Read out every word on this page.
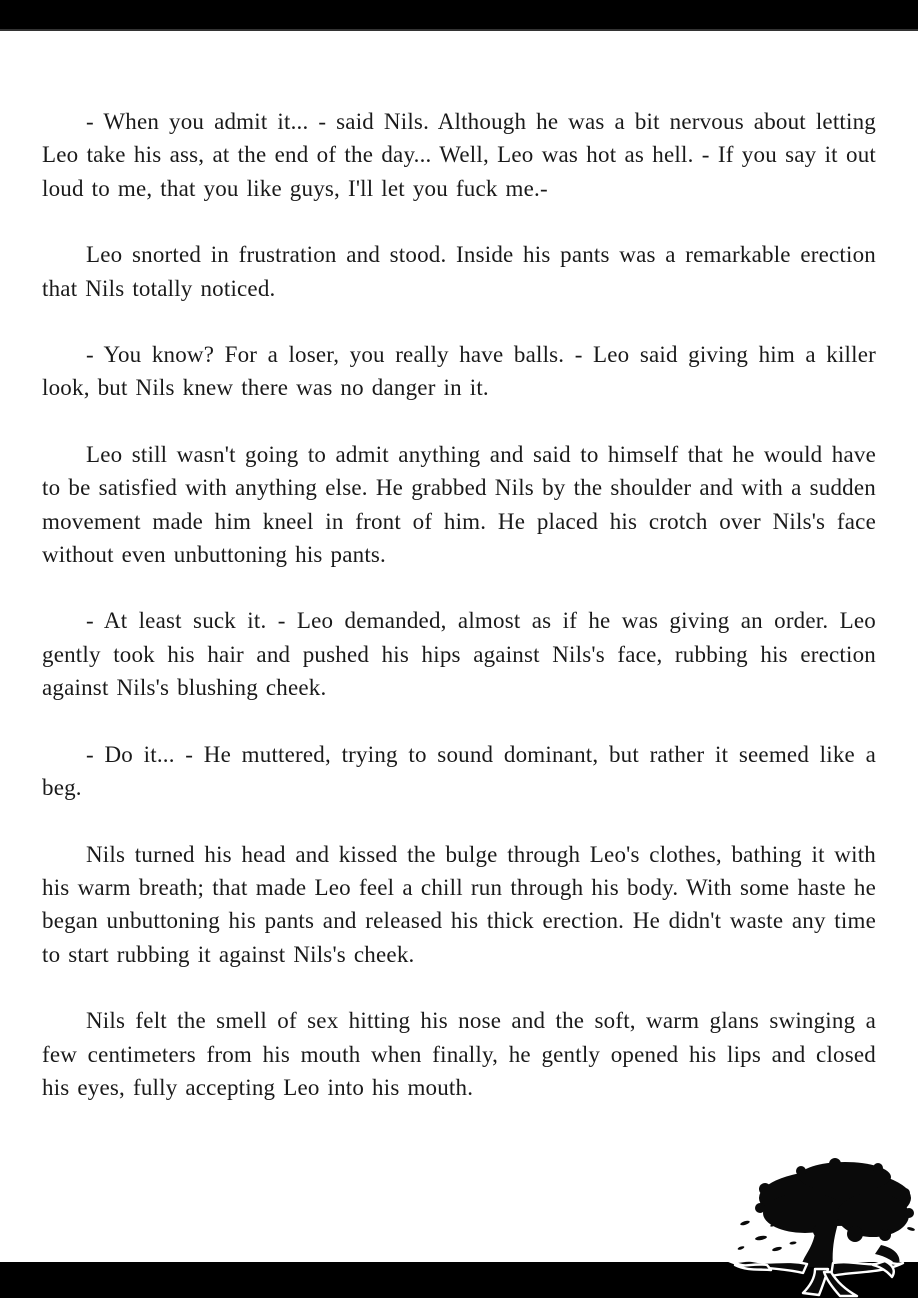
- When you admit it... - said Nils. Although he was a bit nervous about letting Leo take his ass, at the end of the day... Well, Leo was hot as hell. - If you say it out loud to me, that you like guys, I'll let you fuck me.-

Leo snorted in frustration and stood. Inside his pants was a remarkable erection that Nils totally noticed.

- You know? For a loser, you really have balls. - Leo said giving him a killer look, but Nils knew there was no danger in it.

Leo still wasn't going to admit anything and said to himself that he would have to be satisfied with anything else. He grabbed Nils by the shoulder and with a sudden movement made him kneel in front of him. He placed his crotch over Nils's face without even unbuttoning his pants.

- At least suck it. - Leo demanded, almost as if he was giving an order. Leo gently took his hair and pushed his hips against Nils's face, rubbing his erection against Nils's blushing cheek.

- Do it... - He muttered, trying to sound dominant, but rather it seemed like a beg.

Nils turned his head and kissed the bulge through Leo's clothes, bathing it with his warm breath; that made Leo feel a chill run through his body. With some haste he began unbuttoning his pants and released his thick erection. He didn't waste any time to start rubbing it against Nils's cheek.

Nils felt the smell of sex hitting his nose and the soft, warm glans swinging a few centimeters from his mouth when finally, he gently opened his lips and closed his eyes, fully accepting Leo into his mouth.
